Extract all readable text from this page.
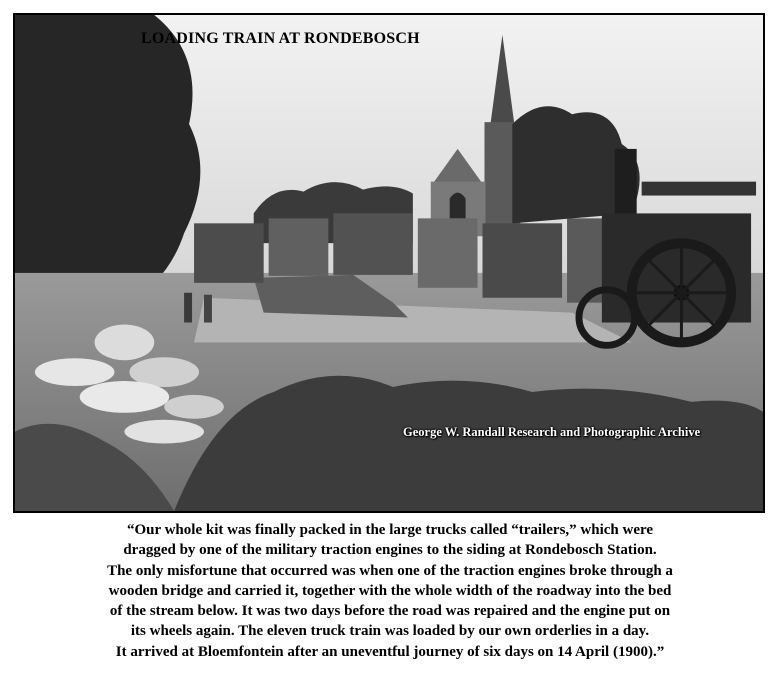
LOADING TRAIN AT RONDEBOSCH
George W. Randall Research and Photographic Archive
“Our whole kit was finally packed in the large trucks called “trailers,” which were
dragged by one of the military traction engines to the siding at Rondebosch Station.
The only misfortune that occurred was when one of the traction engines broke through a
wooden bridge and carried it, together with the whole width of the roadway into the bed
of the stream below. It was two days before the road was repaired and the engine put on
its wheels again. The eleven truck train was loaded by our own orderlies in a day.
It arrived at Bloemfontein after an uneventful journey of six days on 14 April (1900).”
